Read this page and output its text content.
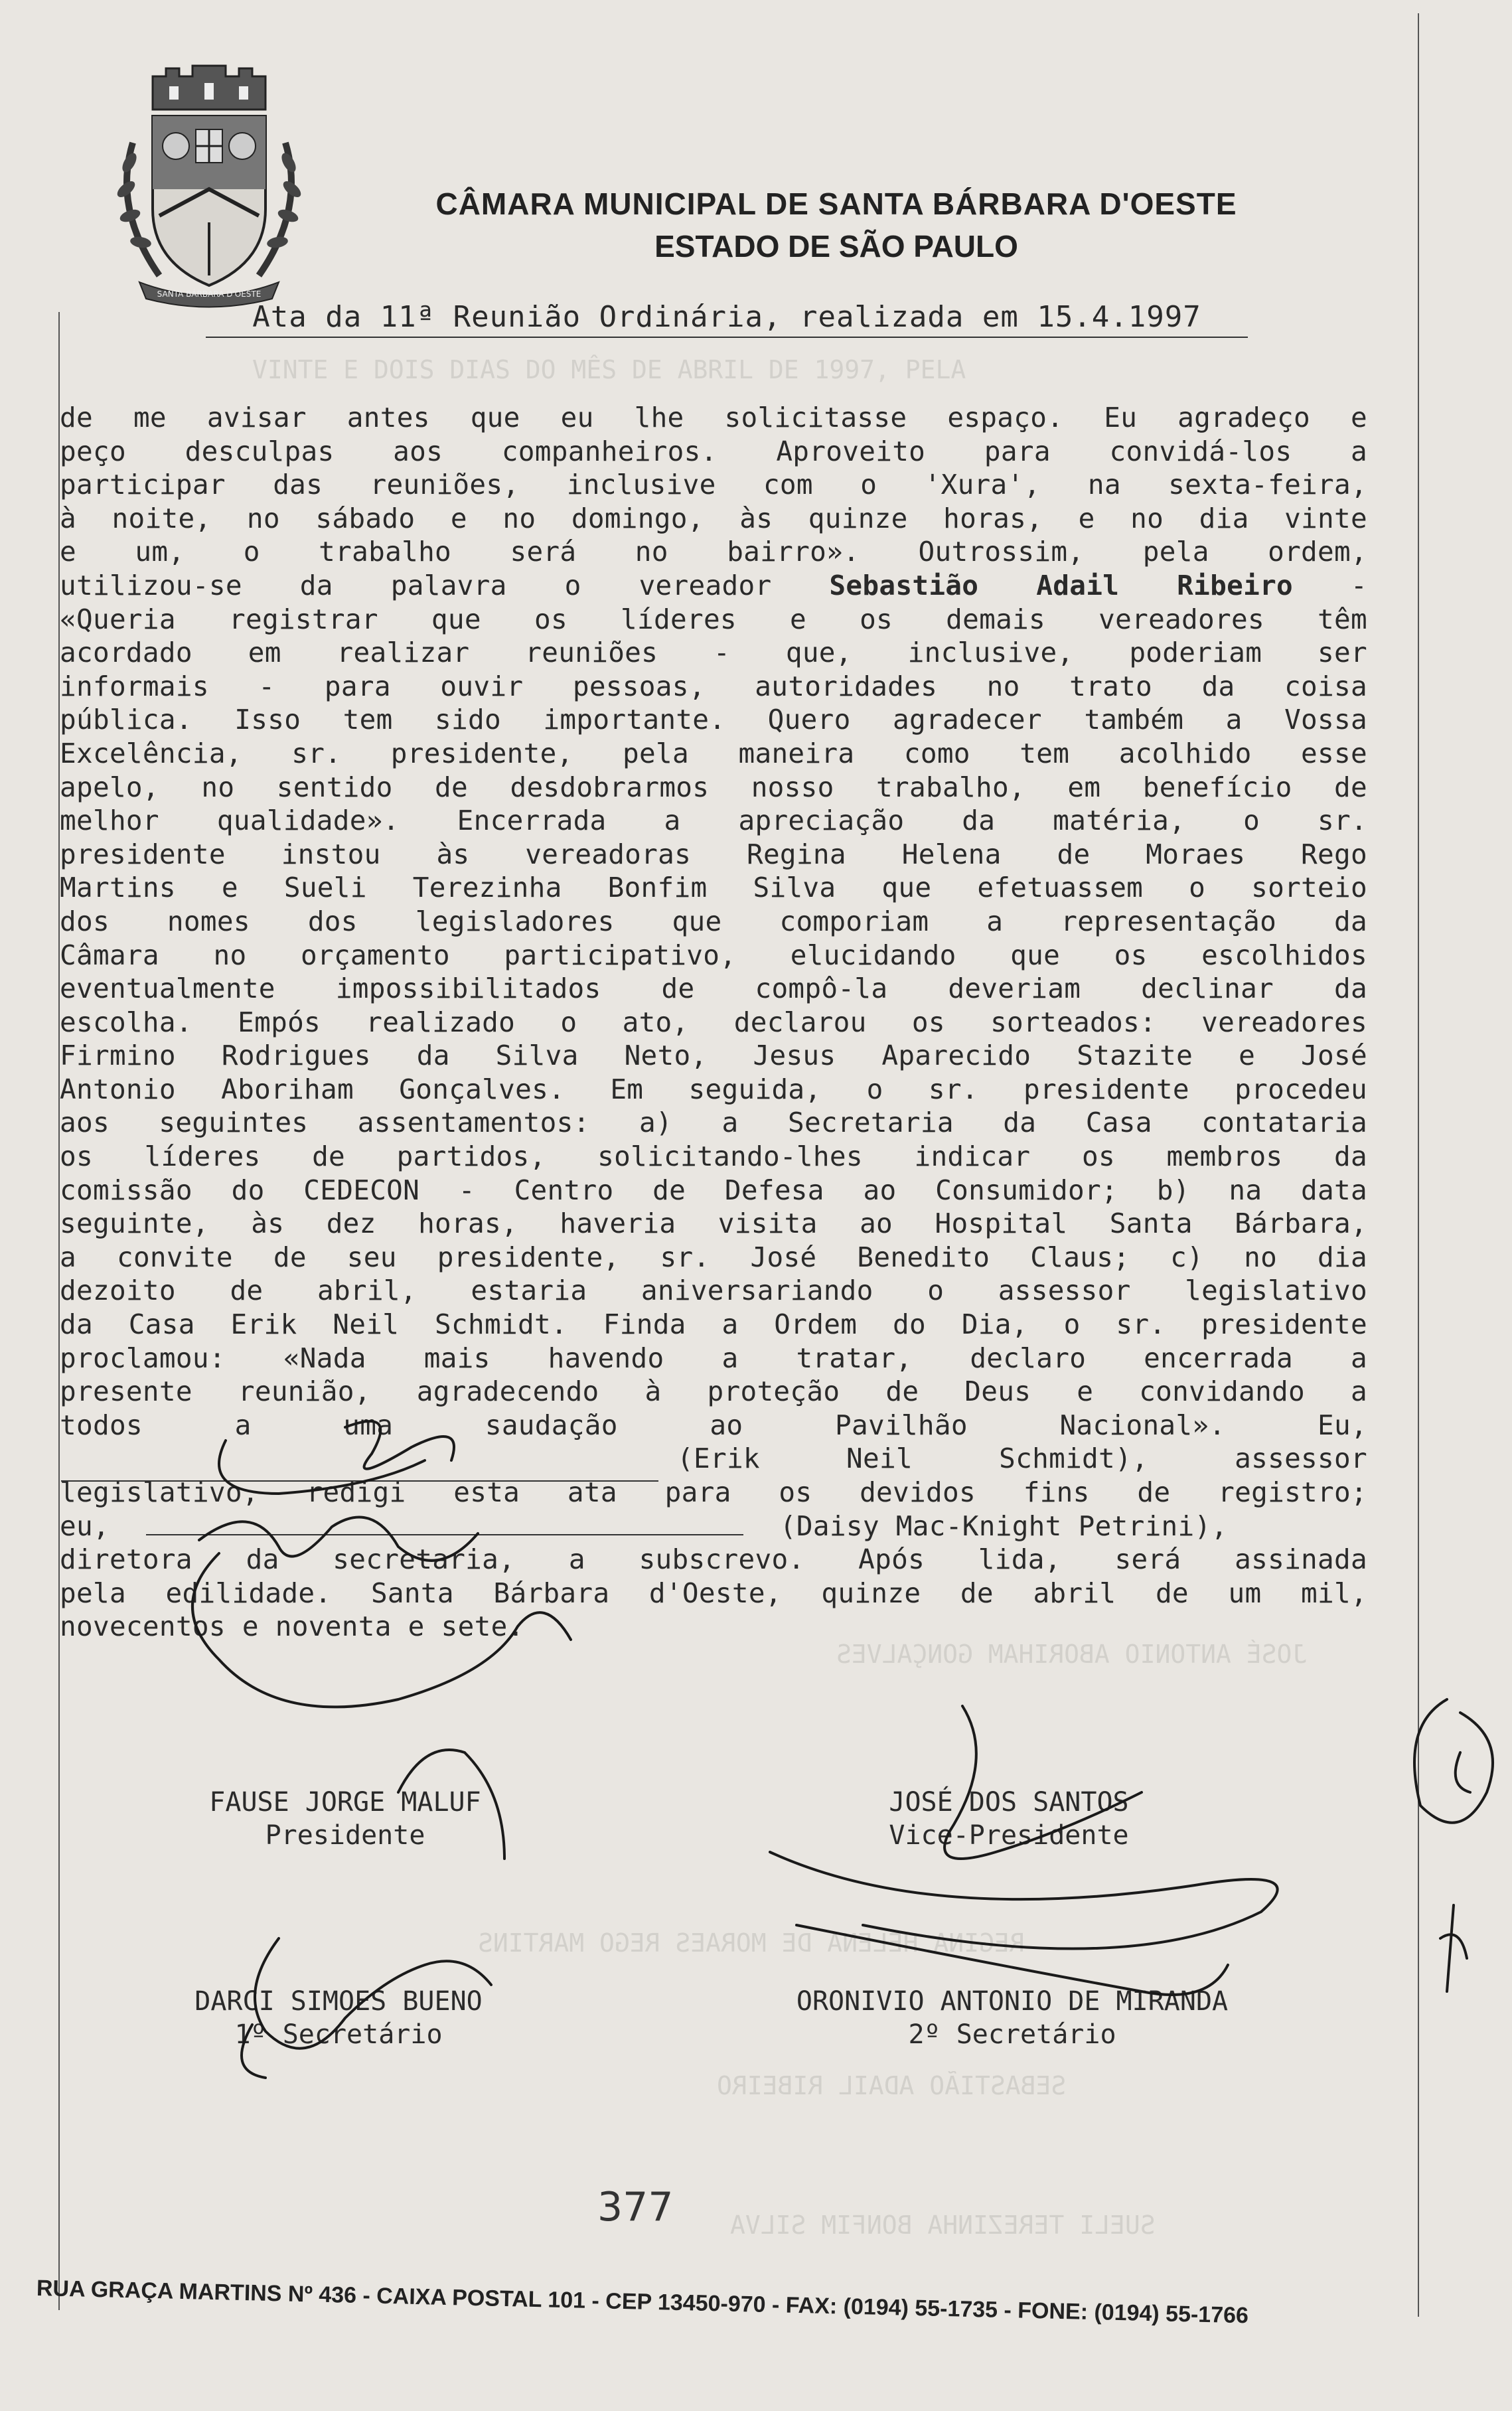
VINTE E DOIS DIAS DO MÊS DE ABRIL DE 1997, PELA
JOSÉ ANTONIO ABORIHAM GONÇALVES
REGINA HELENA DE MORAES REGO MARTINS
SEBASTIÃO ADAIL RIBEIRO
SUELI TEREZINHA BONFIM SILVA
SANTA BÁRBARA D'OESTE
CÂMARA MUNICIPAL DE SANTA BÁRBARA D'OESTE
ESTADO DE SÃO PAULO
Ata da 11ª Reunião Ordinária, realizada em 15.4.1997
de me avisar antes que eu lhe solicitasse espaço. Eu agradeço e
peço desculpas aos companheiros. Aproveito para convidá-los a
participar das reuniões, inclusive com o 'Xura', na sexta-feira,
à noite, no sábado e no domingo, às quinze horas, e no dia vinte
e um, o trabalho será no bairro». Outrossim, pela ordem,
utilizou-se da palavra o vereador Sebastião Adail Ribeiro -
«Queria registrar que os líderes e os demais vereadores têm
acordado em realizar reuniões - que, inclusive, poderiam ser
informais - para ouvir pessoas, autoridades no trato da coisa
pública. Isso tem sido importante. Quero agradecer também a Vossa
Excelência, sr. presidente, pela maneira como tem acolhido esse
apelo, no sentido de desdobrarmos nosso trabalho, em benefício de
melhor qualidade». Encerrada a apreciação da matéria, o sr.
presidente instou às vereadoras Regina Helena de Moraes Rego
Martins e Sueli Terezinha Bonfim Silva que efetuassem o sorteio
dos nomes dos legisladores que comporiam a representação da
Câmara no orçamento participativo, elucidando que os escolhidos
eventualmente impossibilitados de compô-la deveriam declinar da
escolha. Empós realizado o ato, declarou os sorteados: vereadores
Firmino Rodrigues da Silva Neto, Jesus Aparecido Stazite e José
Antonio Aboriham Gonçalves. Em seguida, o sr. presidente procedeu
aos seguintes assentamentos: a) a Secretaria da Casa contataria
os líderes de partidos, solicitando-lhes indicar os membros da
comissão do CEDECON - Centro de Defesa ao Consumidor; b) na data
seguinte, às dez horas, haveria visita ao Hospital Santa Bárbara,
a convite de seu presidente, sr. José Benedito Claus; c) no dia
dezoito de abril, estaria aniversariando o assessor legislativo
da Casa Erik Neil Schmidt. Finda a Ordem do Dia, o sr. presidente
proclamou: «Nada mais havendo a tratar, declaro encerrada a
presente reunião, agradecendo à proteção de Deus e convidando a
todos a uma saudação ao Pavilhão Nacional». Eu,
(Erik Neil Schmidt), assessor
legislativo, redigi esta ata para os devidos fins de registro;
eu,	(Daisy Mac-Knight Petrini),
diretora da secretaria, a subscrevo. Após lida, será assinada
pela edilidade. Santa Bárbara d'Oeste, quinze de abril de um mil,
novecentos e noventa e sete.
FAUSE JORGE MALUF
Presidente
JOSÉ DOS SANTOS
Vice-Presidente
DARCI SIMOES BUENO
1º Secretário
ORONIVIO ANTONIO DE MIRANDA
2º Secretário
377
RUA GRAÇA MARTINS Nº 436 - CAIXA POSTAL 101 - CEP 13450-970 - FAX: (0194) 55-1735 - FONE: (0194) 55-1766
